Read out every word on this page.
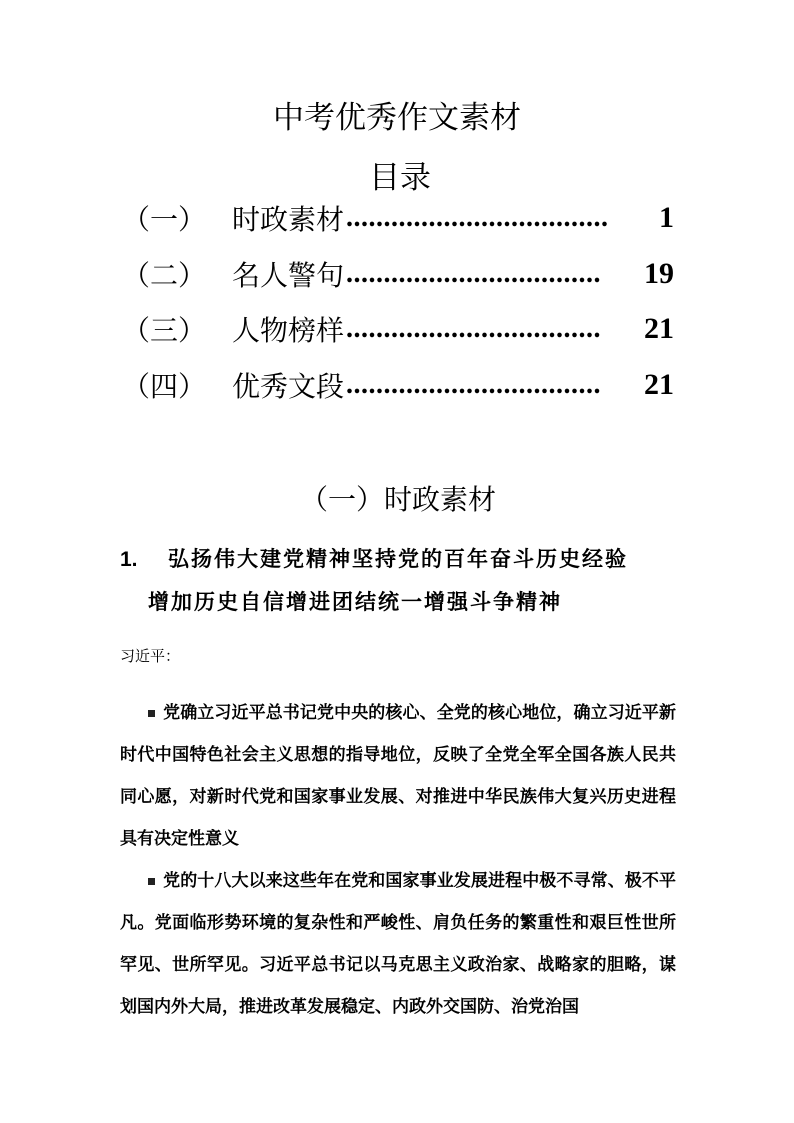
中考优秀作文素材
目录
（一） 时政素材 ...................................	1
（二） 名人警句 ..................................	19
（三） 人物榜样 ..................................	21
（四） 优秀文段 ..................................	21
（一）时政素材
1. 弘扬伟大建党精神坚持党的百年奋斗历史经验
增加历史自信增进团结统一增强斗争精神
习近平：
党确立习近平总书记党中央的核心、全党的核心地位，确立习近平新时代中国特色社会主义思想的指导地位，反映了全党全军全国各族人民共同心愿，对新时代党和国家事业发展、对推进中华民族伟大复兴历史进程具有决定性意义
党的十八大以来这些年在党和国家事业发展进程中极不寻常、极不平凡。党面临形势环境的复杂性和严峻性、肩负任务的繁重性和艰巨性世所罕见、世所罕见。习近平总书记以马克思主义政治家、战略家的胆略，谋划国内外大局，推进改革发展稳定、内政外交国防、治党治国
